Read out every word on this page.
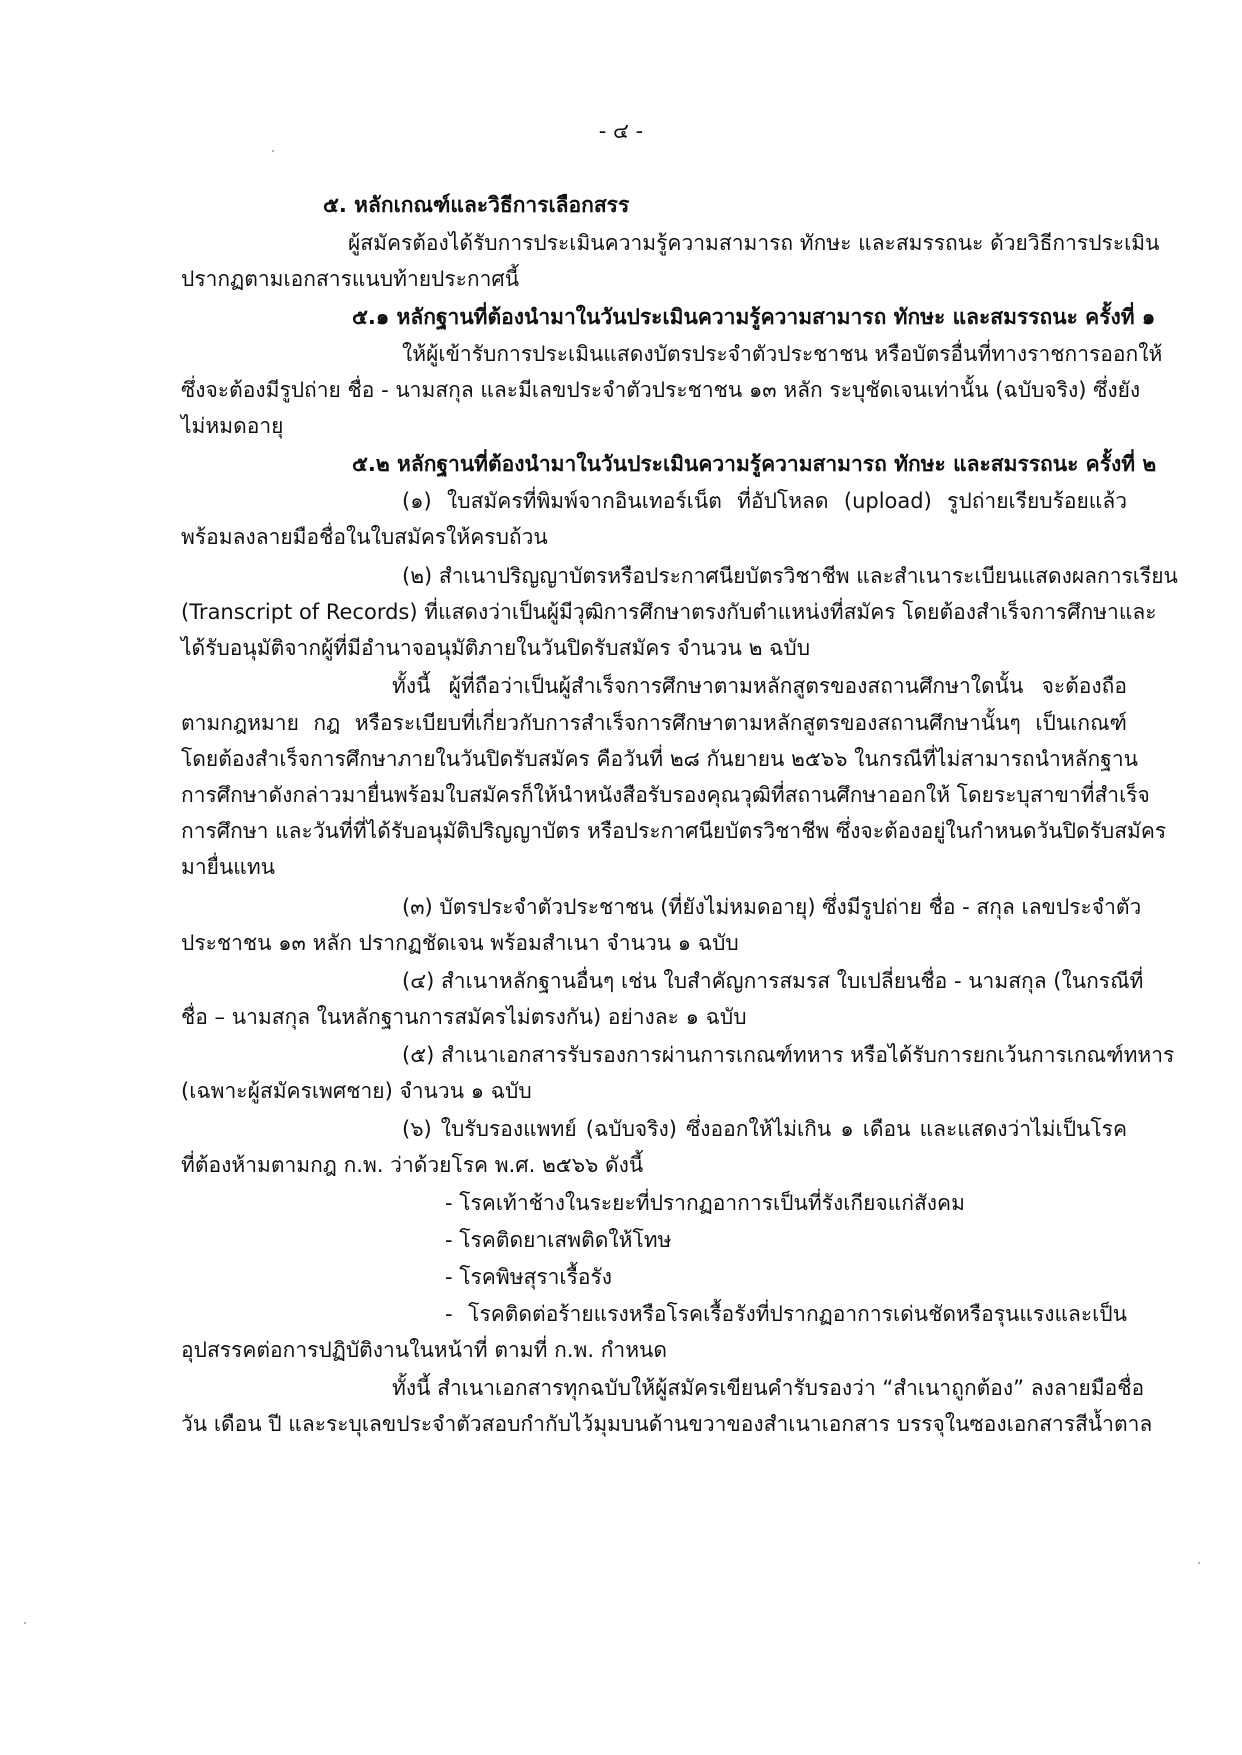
- ๔ -
๕. หลักเกณฑ์และวิธีการเลือกสรร
ผู้สมัครต้องได้รับการประเมินความรู้ความสามารถ ทักษะ และสมรรถนะ ด้วยวิธีการประเมิน
ปรากฏตามเอกสารแนบท้ายประกาศนี้
๕.๑ หลักฐานที่ต้องนำมาในวันประเมินความรู้ความสามารถ ทักษะ และสมรรถนะ ครั้งที่ ๑
ให้ผู้เข้ารับการประเมินแสดงบัตรประจำตัวประชาชน หรือบัตรอื่นที่ทางราชการออกให้
ซึ่งจะต้องมีรูปถ่าย ชื่อ - นามสกุล และมีเลขประจำตัวประชาชน ๑๓ หลัก ระบุชัดเจนเท่านั้น (ฉบับจริง) ซึ่งยัง
ไม่หมดอายุ
๕.๒ หลักฐานที่ต้องนำมาในวันประเมินความรู้ความสามารถ ทักษะ และสมรรถนะ ครั้งที่ ๒
(๑) ใบสมัครที่พิมพ์จากอินเทอร์เน็ต ที่อัปโหลด (upload) รูปถ่ายเรียบร้อยแล้ว
พร้อมลงลายมือชื่อในใบสมัครให้ครบถ้วน
(๒) สำเนาปริญญาบัตรหรือประกาศนียบัตรวิชาชีพ และสำเนาระเบียนแสดงผลการเรียน
(Transcript of Records) ที่แสดงว่าเป็นผู้มีวุฒิการศึกษาตรงกับตำแหน่งที่สมัคร โดยต้องสำเร็จการศึกษาและ
ได้รับอนุมัติจากผู้ที่มีอำนาจอนุมัติภายในวันปิดรับสมัคร จำนวน ๒ ฉบับ
ทั้งนี้ ผู้ที่ถือว่าเป็นผู้สำเร็จการศึกษาตามหลักสูตรของสถานศึกษาใดนั้น จะต้องถือ
ตามกฎหมาย กฎ หรือระเบียบที่เกี่ยวกับการสำเร็จการศึกษาตามหลักสูตรของสถานศึกษานั้นๆ เป็นเกณฑ์
โดยต้องสำเร็จการศึกษาภายในวันปิดรับสมัคร คือวันที่ ๒๘ กันยายน ๒๕๖๖ ในกรณีที่ไม่สามารถนำหลักฐาน
การศึกษาดังกล่าวมายื่นพร้อมใบสมัครก็ให้นำหนังสือรับรองคุณวุฒิที่สถานศึกษาออกให้ โดยระบุสาขาที่สำเร็จ
การศึกษา และวันที่ที่ได้รับอนุมัติปริญญาบัตร หรือประกาศนียบัตรวิชาชีพ ซึ่งจะต้องอยู่ในกำหนดวันปิดรับสมัคร
มายื่นแทน
(๓) บัตรประจำตัวประชาชน (ที่ยังไม่หมดอายุ) ซึ่งมีรูปถ่าย ชื่อ - สกุล เลขประจำตัว
ประชาชน ๑๓ หลัก ปรากฏชัดเจน พร้อมสำเนา จำนวน ๑ ฉบับ
(๔) สำเนาหลักฐานอื่นๆ เช่น ใบสำคัญการสมรส ใบเปลี่ยนชื่อ - นามสกุล (ในกรณีที่
ชื่อ – นามสกุล ในหลักฐานการสมัครไม่ตรงกัน) อย่างละ ๑ ฉบับ
(๕) สำเนาเอกสารรับรองการผ่านการเกณฑ์ทหาร หรือได้รับการยกเว้นการเกณฑ์ทหาร
(เฉพาะผู้สมัครเพศชาย) จำนวน ๑ ฉบับ
(๖) ใบรับรองแพทย์ (ฉบับจริง) ซึ่งออกให้ไม่เกิน ๑ เดือน และแสดงว่าไม่เป็นโรค
ที่ต้องห้ามตามกฎ ก.พ. ว่าด้วยโรค พ.ศ. ๒๕๖๖ ดังนี้
- โรคเท้าช้างในระยะที่ปรากฏอาการเป็นที่รังเกียจแก่สังคม
- โรคติดยาเสพติดให้โทษ
- โรคพิษสุราเรื้อรัง
- โรคติดต่อร้ายแรงหรือโรคเรื้อรังที่ปรากฏอาการเด่นชัดหรือรุนแรงและเป็น
อุปสรรคต่อการปฏิบัติงานในหน้าที่ ตามที่ ก.พ. กำหนด
ทั้งนี้ สำเนาเอกสารทุกฉบับให้ผู้สมัครเขียนคำรับรองว่า “สำเนาถูกต้อง” ลงลายมือชื่อ
วัน เดือน ปี และระบุเลขประจำตัวสอบกำกับไว้มุมบนด้านขวาของสำเนาเอกสาร บรรจุในซองเอกสารสีน้ำตาล
